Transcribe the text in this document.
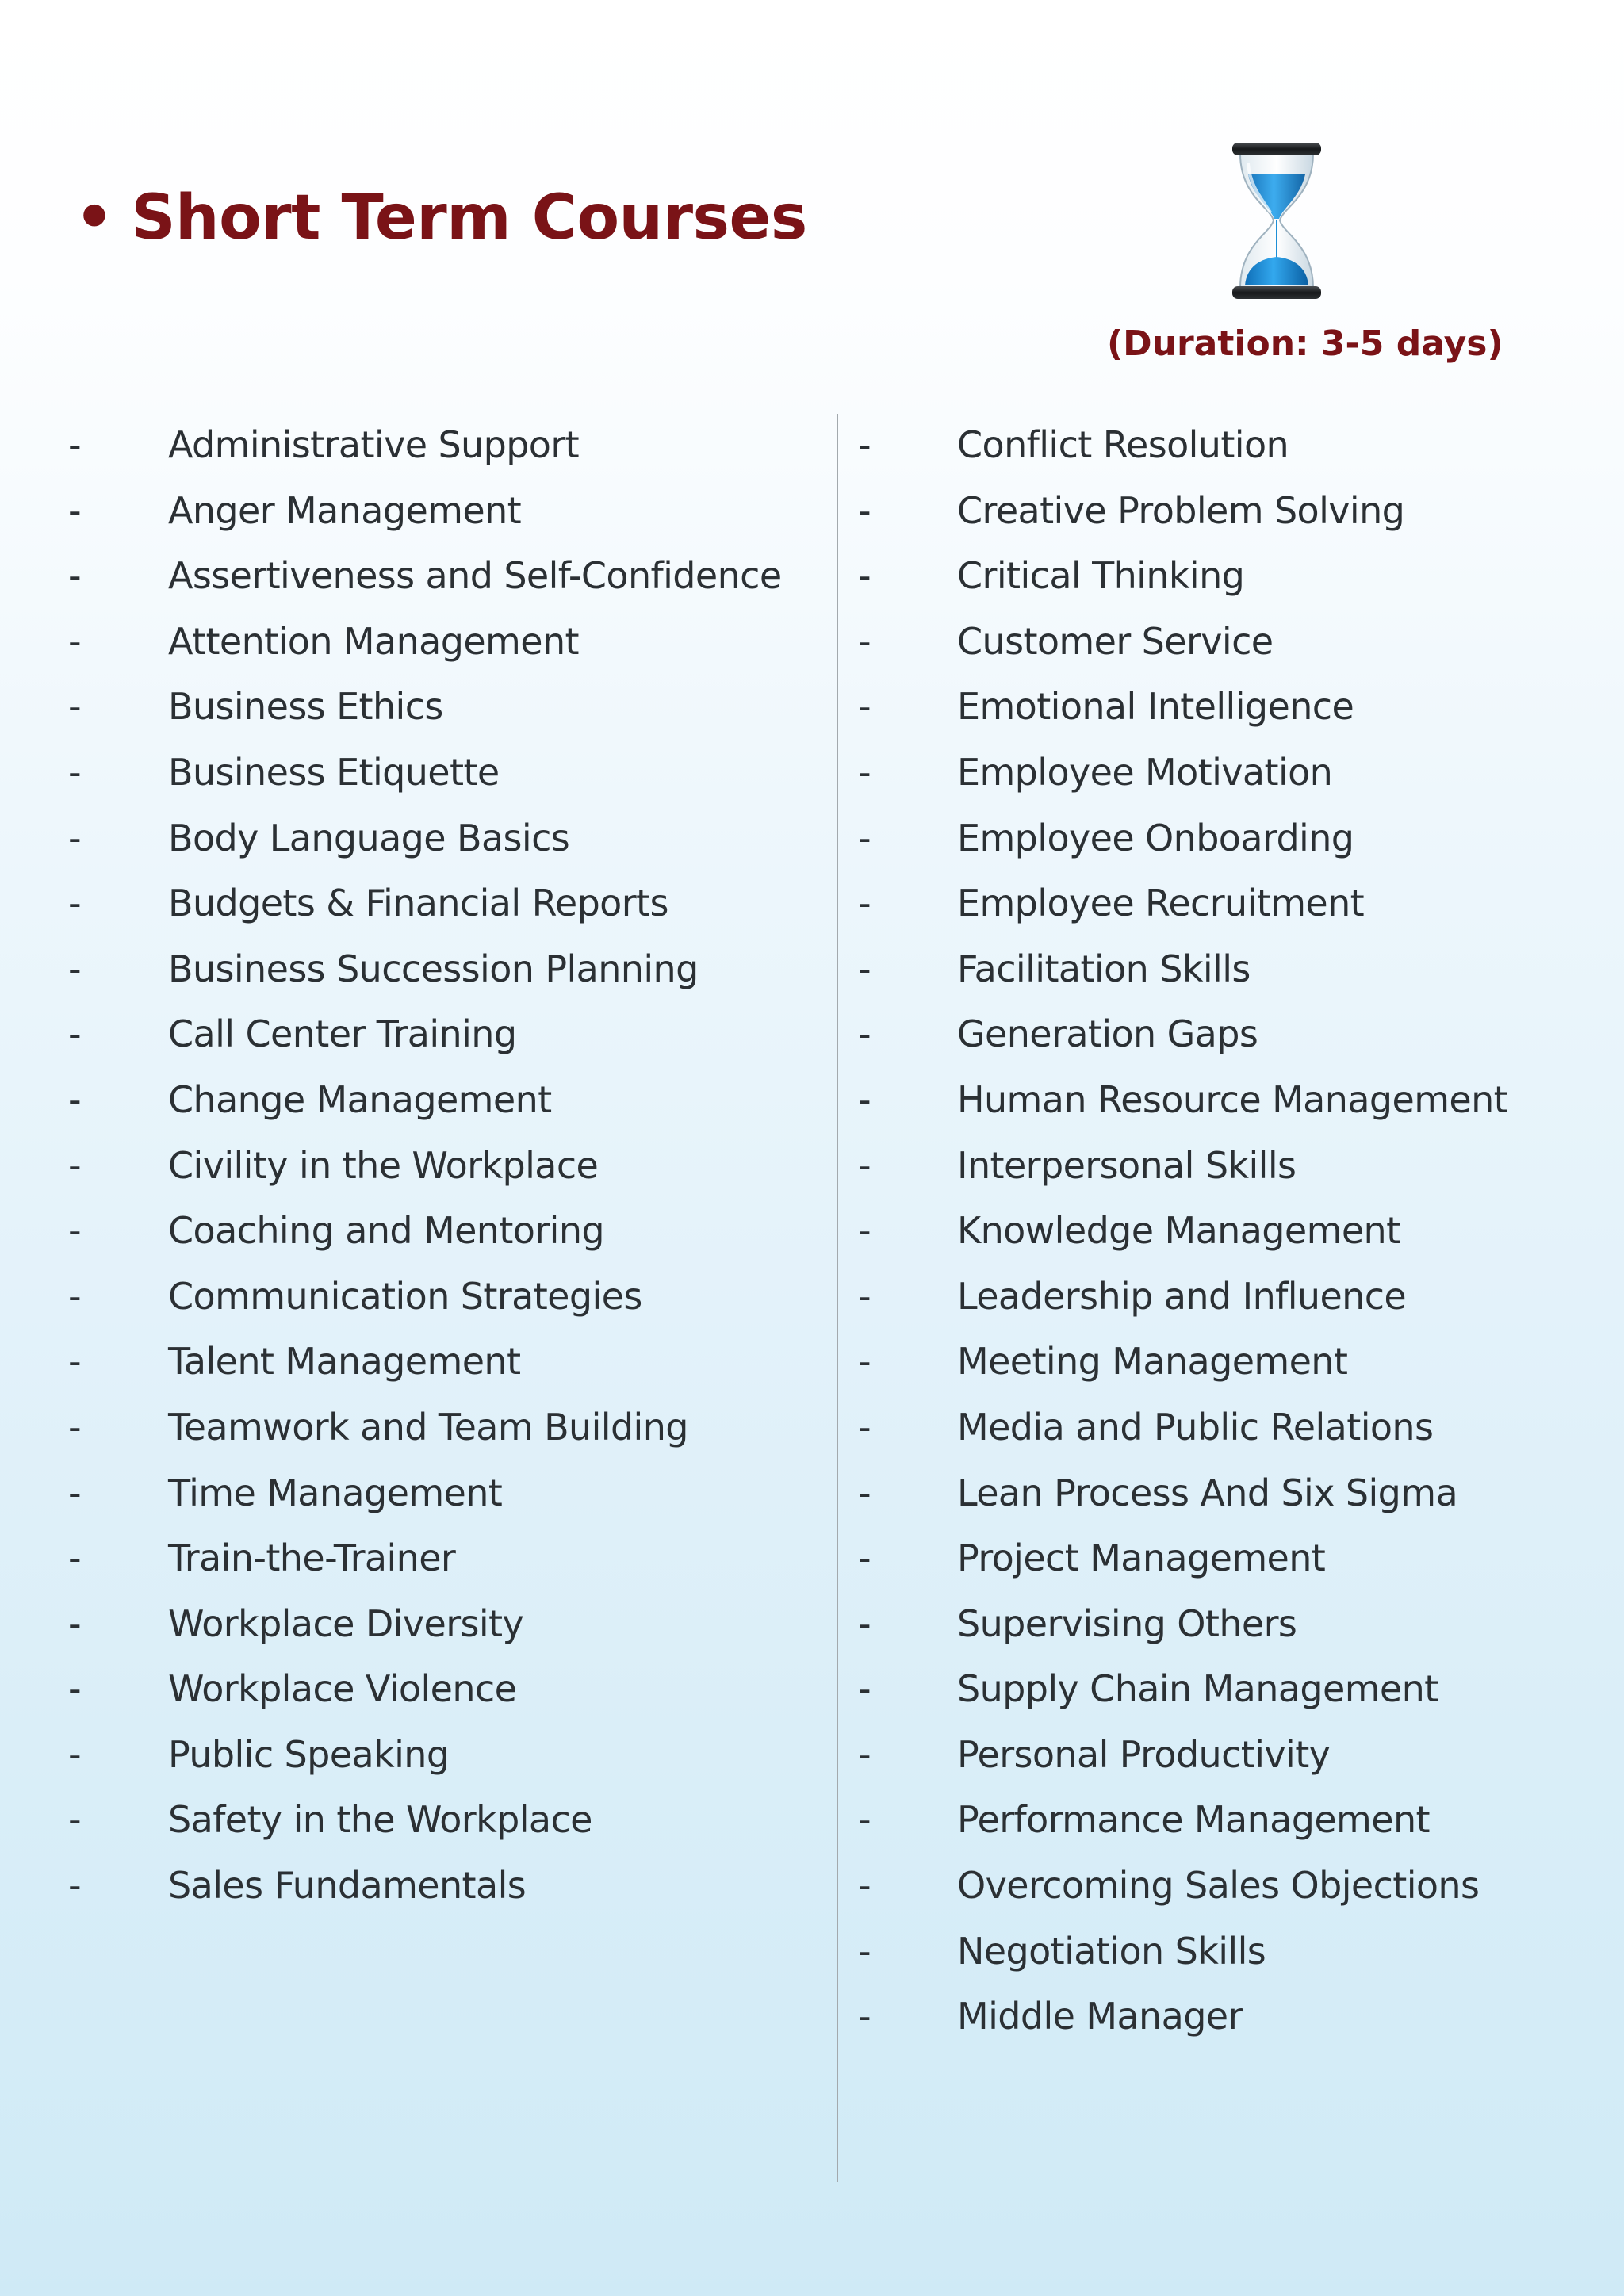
• Short Term Courses
(Duration: 3-5 days)
- Administrative Support
- Anger Management
- Assertiveness and Self-Confidence
- Attention Management
- Business Ethics
- Business Etiquette
- Body Language Basics
- Budgets & Financial Reports
- Business Succession Planning
- Call Center Training
- Change Management
- Civility in the Workplace
- Coaching and Mentoring
- Communication Strategies
- Talent Management
- Teamwork and Team Building
- Time Management
- Train-the-Trainer
- Workplace Diversity
- Workplace Violence
- Public Speaking
- Safety in the Workplace
- Sales Fundamentals
- Conflict Resolution
- Creative Problem Solving
- Critical Thinking
- Customer Service
- Emotional Intelligence
- Employee Motivation
- Employee Onboarding
- Employee Recruitment
- Facilitation Skills
- Generation Gaps
- Human Resource Management
- Interpersonal Skills
- Knowledge Management
- Leadership and Influence
- Meeting Management
- Media and Public Relations
- Lean Process And Six Sigma
- Project Management
- Supervising Others
- Supply Chain Management
- Personal Productivity
- Performance Management
- Overcoming Sales Objections
- Negotiation Skills
- Middle Manager
